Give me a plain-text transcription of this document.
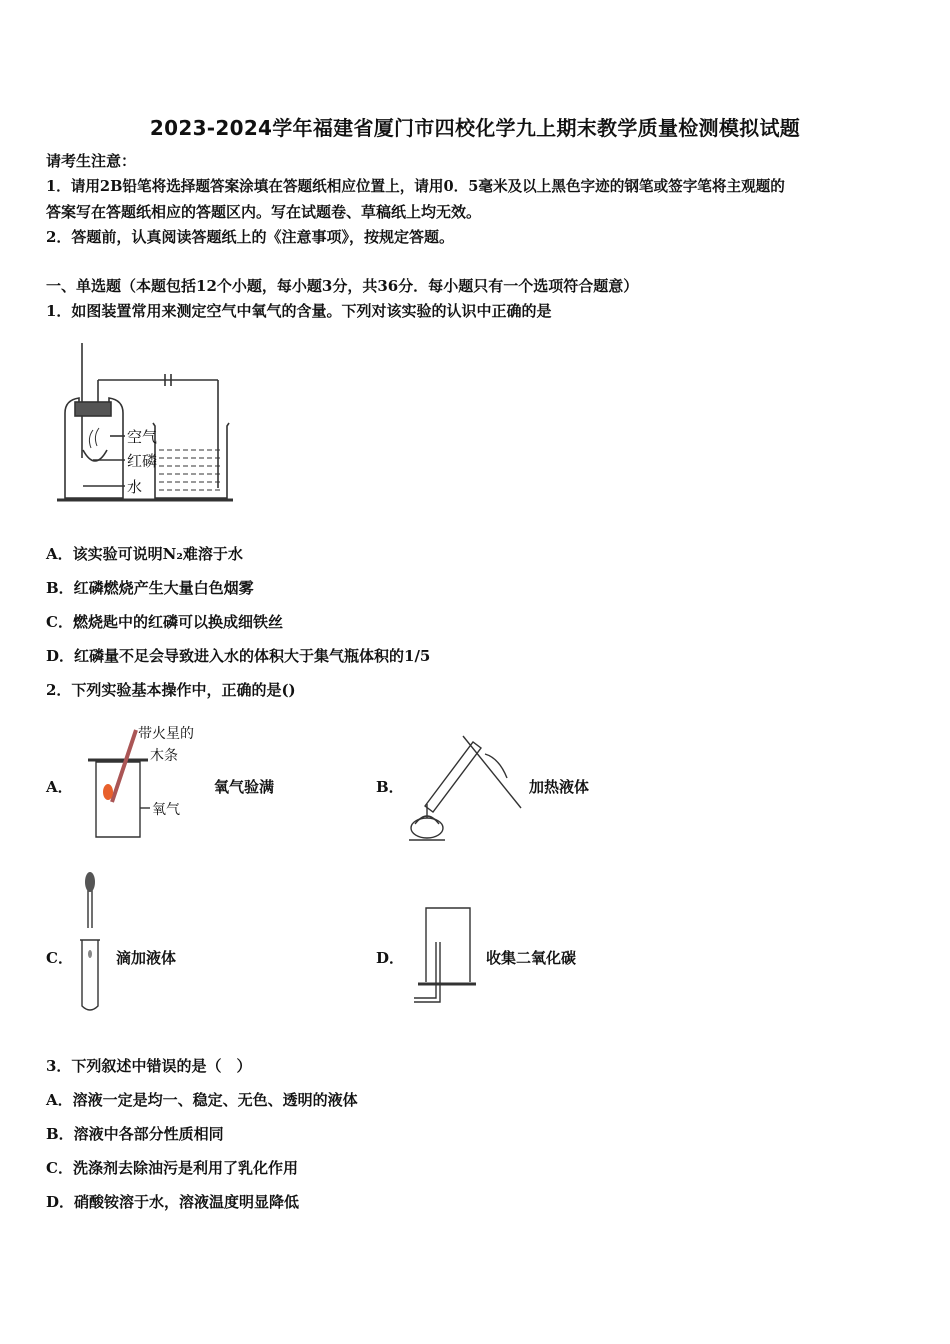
2023-2024学年福建省厦门市四校化学九上期末教学质量检测模拟试题
请考生注意：
1．请用2B铅笔将选择题答案涂填在答题纸相应位置上，请用0．5毫米及以上黑色字迹的钢笔或签字笔将主观题的
答案写在答题纸相应的答题区内。写在试题卷、草稿纸上均无效。
2．答题前，认真阅读答题纸上的《注意事项》，按规定答题。
一、单选题（本题包括12个小题，每小题3分，共36分．每小题只有一个选项符合题意）
1．如图装置常用来测定空气中氧气的含量。下列对该实验的认识中正确的是
空气
红磷
水
A．该实验可说明N₂难溶于水
B．红磷燃烧产生大量白色烟雾
C．燃烧匙中的红磷可以换成细铁丝
D．红磷量不足会导致进入水的体积大于集气瓶体积的1/5
2．下列实验基本操作中，正确的是()
A．
带火星的
木条
氧气
氧气验满	B．	加热液体
C．	滴加液体	D．	收集二氧化碳
3．下列叙述中错误的是（　）
A．溶液一定是均一、稳定、无色、透明的液体
B．溶液中各部分性质相同
C．洗涤剂去除油污是利用了乳化作用
D．硝酸铵溶于水，溶液温度明显降低
